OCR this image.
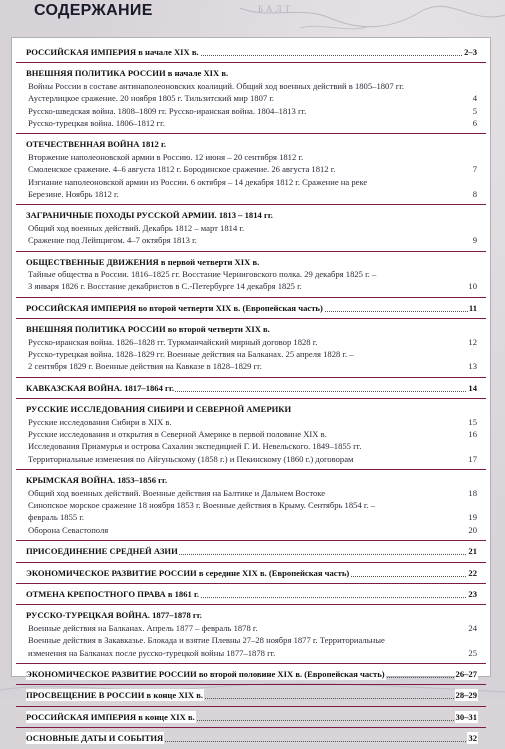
БАЛТ
СОДЕРЖАНИЕ
РОССИЙСКАЯ ИМПЕРИЯ в начале XIX в.	2–3
ВНЕШНЯЯ ПОЛИТИКА РОССИИ в начале XIX в.
Войны России в составе антинаполеоновских коалиций. Общий ход военных действий в 1805–1807 гг.
Аустерлицкое сражение. 20 ноября 1805 г. Тильзитский мир 1807 г.	4
Русско-шведская война. 1808–1809 гг. Русско-иранская война. 1804–1813 гг.	5
Русско-турецкая война. 1806–1812 гг.	6
ОТЕЧЕСТВЕННАЯ ВОЙНА 1812 г.
Вторжение наполеоновской армии в Россию. 12 июня – 20 сентября 1812 г.
Смоленское сражение. 4–6 августа 1812 г. Бородинское сражение. 26 августа 1812 г.	7
Изгнание наполеоновской армии из России. 6 октября – 14 декабря 1812 г. Сражение на реке
Березине. Ноябрь 1812 г.	8
ЗАГРАНИЧНЫЕ ПОХОДЫ РУССКОЙ АРМИИ. 1813 – 1814 гг.
Общий ход военных действий. Декабрь 1812 – март 1814 г.
Сражение под Лейпцигом. 4–7 октября 1813 г.	9
ОБЩЕСТВЕННЫЕ ДВИЖЕНИЯ в первой четверти XIX в.
Тайные общества в России. 1816–1825 гг. Восстание Черниговского полка. 29 декабря 1825 г. –
3 января 1826 г. Восстание декабристов в С.-Петербурге 14 декабря 1825 г.	10
РОССИЙСКАЯ ИМПЕРИЯ во второй четверти XIX в. (Европейская часть)	11
ВНЕШНЯЯ ПОЛИТИКА РОССИИ во второй четверти XIX в.
Русско-иранская война. 1826–1828 гг. Туркманчайский мирный договор 1828 г.	12
Русско-турецкая война. 1828–1829 гг. Военные действия на Балканах. 25 апреля 1828 г. –
2 сентября 1829 г. Военные действия на Кавказе в 1828–1829 гг.	13
КАВКАЗСКАЯ ВОЙНА. 1817–1864 гг.	14
РУССКИЕ ИССЛЕДОВАНИЯ СИБИРИ И СЕВЕРНОЙ АМЕРИКИ
Русские исследования Сибири в XIX в.	15
Русские исследования и открытия в Северной Америке в первой половине XIX в.	16
Исследования Приамурья и острова Сахалин экспедицией Г. И. Невельского. 1849–1855 гг.
Территориальные изменения по Айгуньскому (1858 г.) и Пекинскому (1860 г.) договорам	17
КРЫМСКАЯ ВОЙНА. 1853–1856 гг.
Общий ход военных действий. Военные действия на Балтике и Дальнем Востоке	18
Синопское морское сражение 18 ноября 1853 г. Военные действия в Крыму. Сентябрь 1854 г. –
февраль 1855 г.	19
Оборона Севастополя	20
ПРИСОЕДИНЕНИЕ СРЕДНЕЙ АЗИИ	21
ЭКОНОМИЧЕСКОЕ РАЗВИТИЕ РОССИИ в середине XIX в. (Европейская часть)	22
ОТМЕНА КРЕПОСТНОГО ПРАВА в 1861 г.	23
РУССКО-ТУРЕЦКАЯ ВОЙНА. 1877–1878 гг.
Военные действия на Балканах. Апрель 1877 – февраль 1878 г.	24
Военные действия в Закавказье. Блокада и взятие Плевны 27–28 ноября 1877 г. Территориальные
изменения на Балканах после русско-турецкой войны 1877–1878 гг.	25
ЭКОНОМИЧЕСКОЕ РАЗВИТИЕ РОССИИ во второй половине XIX в. (Европейская часть)	26–27
ПРОСВЕЩЕНИЕ В РОССИИ в конце XIX в.	28–29
РОССИЙСКАЯ ИМПЕРИЯ в конце XIX в.	30–31
ОСНОВНЫЕ ДАТЫ И СОБЫТИЯ	32
